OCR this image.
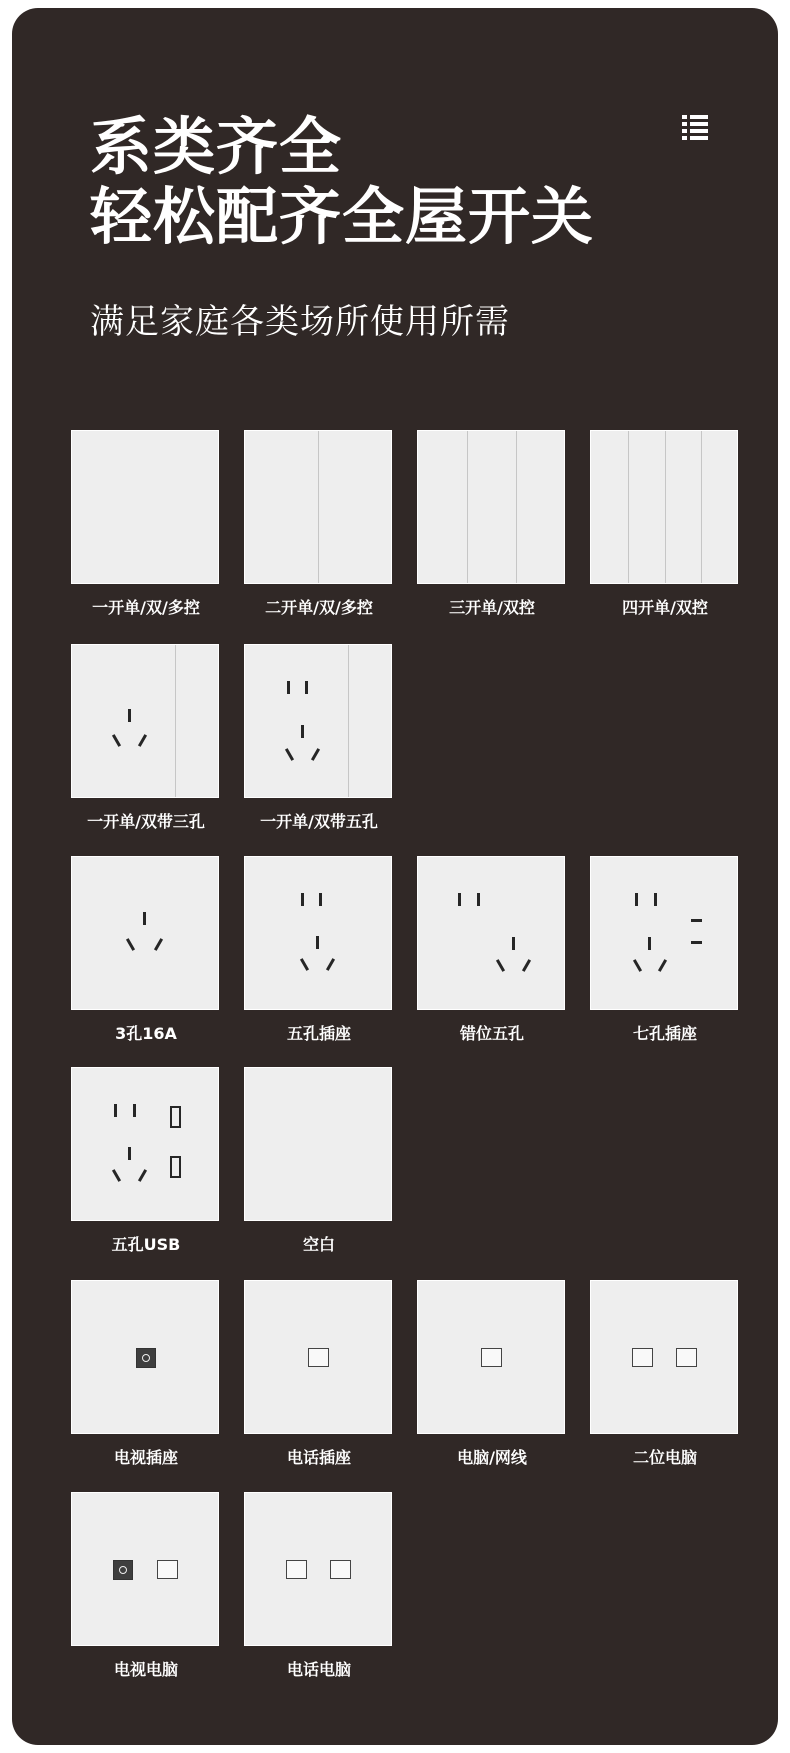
系类齐全
轻松配齐全屋开关

满足家庭各类场所使用所需

一开单/双/多控	二开单/双/多控	三开单/双控	四开单/双控
一开单/双带三孔	一开单/双带五孔
3孔16A	五孔插座	错位五孔	七孔插座
五孔USB	空白
电视插座	电话插座	电脑/网线	二位电脑
电视电脑	电话电脑
